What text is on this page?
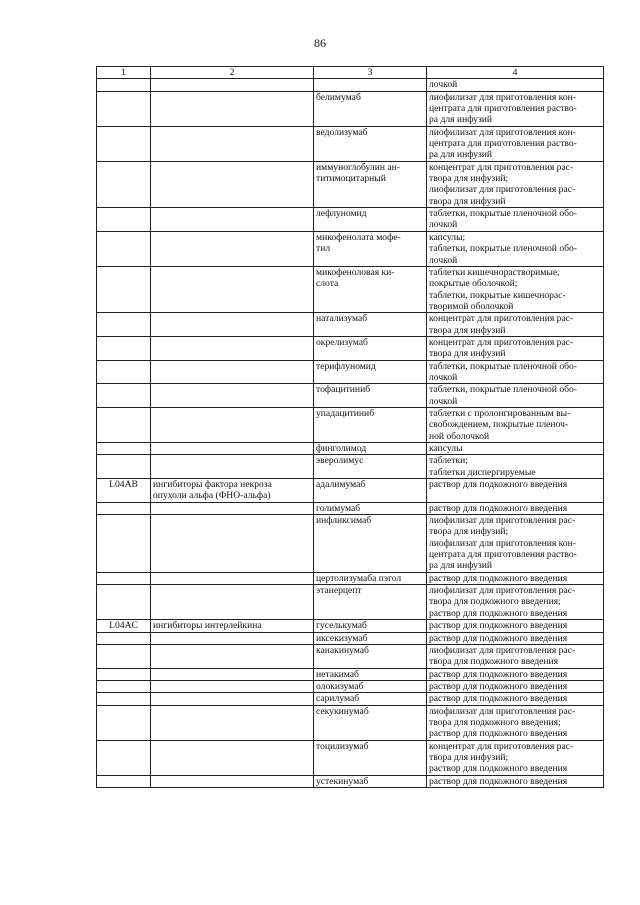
86
1	2	3	4

			лочкой

		белимумаб	лиофилизат для приготовления кон-
центрата для приготовления раство-
ра для инфузий

		ведолизумаб	лиофилизат для приготовления кон-
центрата для приготовления раство-
ра для инфузий

		иммуноглобулин ан-
титимоцитарный	концентрат для приготовления рас-
твора для инфузий;
лиофилизат для приготовления рас-
твора для инфузий

		лефлуномид	таблетки, покрытые пленочной обо-
лочкой

		микофенолата мофе-
тил	капсулы;
таблетки, покрытые пленочной обо-
лочкой

		микофеноловая ки-
слота	таблетки кишечнорастворимые,
покрытые оболочкой;
таблетки, покрытые кишечнорас-
творимой оболочкой

		натализумаб	концентрат для приготовления рас-
твора для инфузий

		окрелизумаб	концентрат для приготовления рас-
твора для инфузий

		терифлуномид	таблетки, покрытые пленочной обо-
лочкой

		тофацитиниб	таблетки, покрытые пленочной обо-
лочкой

		упадацитиниб	таблетки с пролонгированным вы-
свобождением, покрытые пленоч-
ной оболочкой

		финголимод	капсулы

		эверолимус	таблетки;
таблетки диспергируемые

L04AB	ингибиторы фактора некроза
опухоли альфа (ФНО-альфа)	адалимумаб	раствор для подкожного введения

		голимумаб	раствор для подкожного введения

		инфликсимаб	лиофилизат для приготовления рас-
твора для инфузий;
лиофилизат для приготовления кон-
центрата для приготовления раство-
ра для инфузий

		цертолизумаба пэгол	раствор для подкожного введения

		этанерцепт	лиофилизат для приготовления рас-
твора для подкожного введения;
раствор для подкожного введения

L04AC	ингибиторы интерлейкина	гуселькумаб	раствор для подкожного введения

		иксекизумаб	раствор для подкожного введения

		канакинумаб	лиофилизат для приготовления рас-
твора для подкожного введения

		нетакимаб	раствор для подкожного введения

		олокизумаб	раствор для подкожного введения

		сарилумаб	раствор для подкожного введения

		секукинумаб	лиофилизат для приготовления рас-
твора для подкожного введения;
раствор для подкожного введения

		тоцилизумаб	концентрат для приготовления рас-
твора для инфузий;
раствор для подкожного введения

		устекинумаб	раствор для подкожного введения
